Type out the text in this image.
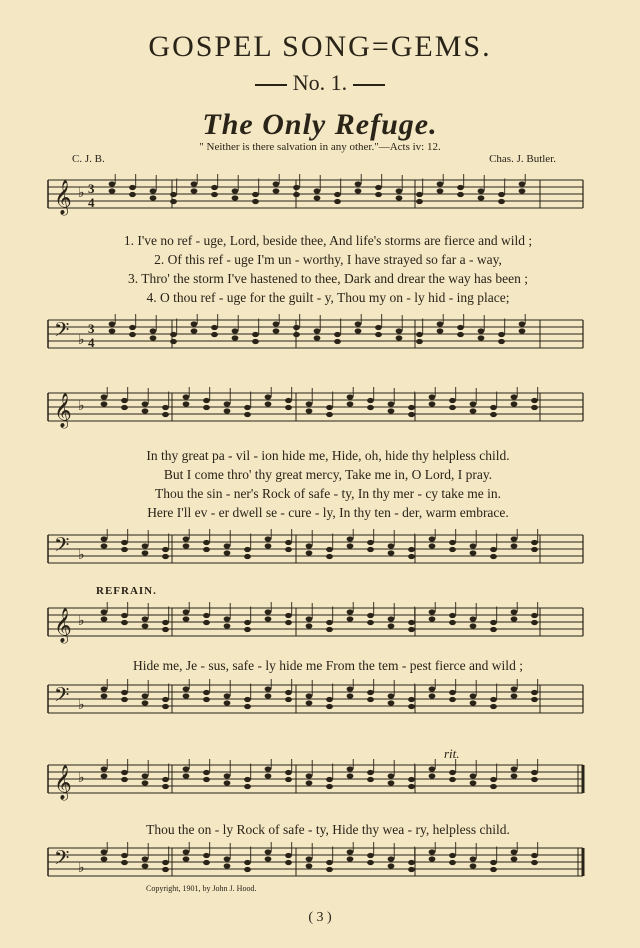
GOSPEL SONG=GEMS.
No. 1.
The Only Refuge.
" Neither is there salvation in any other."—Acts iv: 12.
C. J. B.	Chas. J. Butler.
𝄞 ♭ 3
4
1. I've no ref - uge, Lord, beside thee, And life's storms are fierce and wild ;
2. Of this ref - uge I'm un - worthy, I have strayed so far a - way,
3. Thro' the storm I've hastened to thee, Dark and drear the way has been ;
4. O thou ref - uge for the guilt - y, Thou my on - ly hid - ing place;
𝄢 ♭
3
4
𝄞 ♭
In thy great pa - vil - ion hide me, Hide, oh, hide thy helpless child.
But I come thro' thy great mercy, Take me in, O Lord, I pray.
Thou the sin - ner's Rock of safe - ty, In thy mer - cy take me in.
Here I'll ev - er dwell se - cure - ly, In thy ten - der, warm embrace.
𝄢 ♭
REFRAIN.
𝄞 ♭
Hide me, Je - sus, safe - ly hide me From the tem - pest fierce and wild ;
𝄢 ♭
rit.
𝄞 ♭
Thou the on - ly Rock of safe - ty, Hide thy wea - ry, helpless child.
𝄢 ♭
Copyright, 1901, by John J. Hood.
( 3 )
